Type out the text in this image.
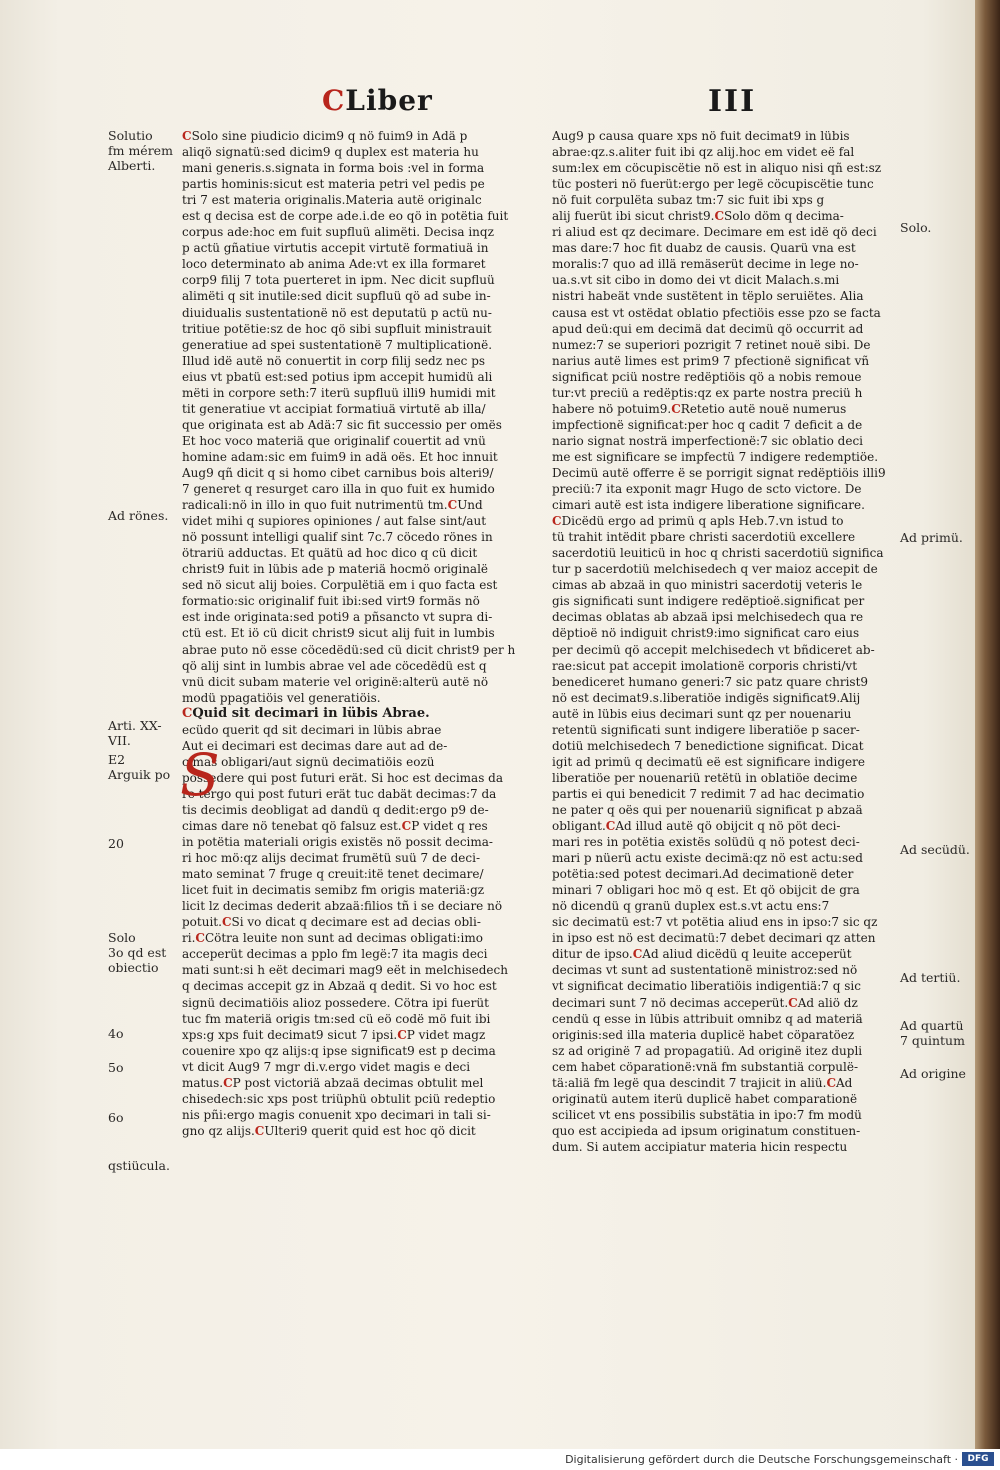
CLiber	III
CSolo sine piudicio dicim9 q nö fuim9 in Adä p
aliqö signatü:sed dicim9 q duplex est materia hu
mani generis.s.signata in forma bois :vel in forma
partis hominis:sicut est materia petri vel pedis pe
tri 7 est materia originalis.Materia autë originalc
est q decisa est de corpe ade.i.de eo qö in potëtia fuit
corpus ade:hoc em fuit supfluü alimëti. Decisa inqz
p actü gñatiue virtutis accepit virtutë formatiuä in
loco determinato ab anima Ade:vt ex illa formaret
corp9 filij 7 tota puerteret in ipm. Nec dicit supfluü
alimëti q sit inutile:sed dicit supfluü qö ad sube in-
diuidualis sustentationë nö est deputatü p actü nu-
tritiue potëtie:sz de hoc qö sibi supfluit ministrauit
generatiue ad spei sustentationë 7 multiplicationë.
Illud idë autë nö conuertit in corp filij sedz nec ps
eius vt pbatü est:sed potius ipm accepit humidü ali
mëti in corpore seth:7 iterü supfluü illi9 humidi mit
tit generatiue vt accipiat formatiuä virtutë ab illa/
que originata est ab Adä:7 sic fit successio per omës
Et hoc voco materiä que originalif couertit ad vnü
homine adam:sic em fuim9 in adä oës. Et hoc innuit
Aug9 qñ dicit q si homo cibet carnibus bois alteri9/
7 generet q resurget caro illa in quo fuit ex humido
radicali:nö in illo in quo fuit nutrimentü tm.CUnd
videt mihi q supiores opiniones / aut false sint/aut
nö possunt intelligi qualif sint 7c.7 cöcedo rönes in
ötrariü adductas. Et quätü ad hoc dico q cü dicit
christ9 fuit in lübis ade p materiä hocmö originalë
sed nö sicut alij boies. Corpulëtiä em i quo facta est
formatio:sic originalif fuit ibi:sed virt9 formäs nö
est inde originata:sed poti9 a pñsancto vt supra di-
ctü est. Et iö cü dicit christ9 sicut alij fuit in lumbis
abrae puto nö esse cöcedëdü:sed cü dicit christ9 per h
qö alij sint in lumbis abrae vel ade cöcedëdü est q
vnü dicit subam materie vel originë:alterü autë nö
modü ppagatiöis vel generatiöis.
CQuid sit decimari in lübis Abrae.
ecüdo querit qd sit decimari in lübis abrae
Aut ei decimari est decimas dare aut ad de-
cimas obligari/aut signü decimatiöis eozü
possedere qui post futuri erät. Si hoc est decimas da
re tergo qui post futuri erät tuc dabät decimas:7 da
tis decimis deobligat ad dandü q dedit:ergo p9 de-
cimas dare nö tenebat qö falsuz est.CP videt q res
in potëtia materiali origis existës nö possit decima-
ri hoc mö:qz alijs decimat frumëtü suü 7 de deci-
mato seminat 7 fruge q creuit:itë tenet decimare/
licet fuit in decimatis semibz fm origis materiä:gz
licit lz decimas dederit abzaä:filios tñ i se deciare nö
potuit.CSi vo dicat q decimare est ad decias obli-
ri.CCötra leuite non sunt ad decimas obligati:imo
acceperüt decimas a pplo fm legë:7 ita magis deci
mati sunt:si h eët decimari mag9 eët in melchisedech
q decimas accepit gz in Abzaä q dedit. Si vo hoc est
signü decimatiöis alioz possedere. Cötra ipi fuerüt
tuc fm materiä origis tm:sed cü eö codë mö fuit ibi
xps:g xps fuit decimat9 sicut 7 ipsi.CP videt magz
couenire xpo qz alijs:q ipse significat9 est p decima
vt dicit Aug9 7 mgr di.v.ergo videt magis e deci
matus.CP post victoriä abzaä decimas obtulit mel
chisedech:sic xps post triüphü obtulit pciü redeptio
nis pñi:ergo magis conuenit xpo decimari in tali si-
gno qz alijs.CUlteri9 querit quid est hoc qö dicit
Aug9 p causa quare xps nö fuit decimat9 in lübis
abrae:qz.s.aliter fuit ibi qz alij.hoc em videt eë fal
sum:lex em cöcupiscëtie nö est in aliquo nisi qñ est:sz
tüc posteri nö fuerüt:ergo per legë cöcupiscëtie tunc
nö fuit corpulëta subaz tm:7 sic fuit ibi xps g
alij fuerüt ibi sicut christ9.CSolo döm q decima-
ri aliud est qz decimare. Decimare em est idë qö deci
mas dare:7 hoc fit duabz de causis. Quarü vna est
moralis:7 quo ad illä remäserüt decime in lege no-
ua.s.vt sit cibo in domo dei vt dicit Malach.s.mi
nistri habeät vnde sustëtent in tëplo seruiëtes. Alia
causa est vt ostëdat oblatio pfectiöis esse pzo se facta
apud deü:qui em decimä dat decimü qö occurrit ad
numez:7 se superiori pozrigit 7 retinet nouë sibi. De
narius autë limes est prim9 7 pfectionë significat vñ
significat pciü nostre redëptiöis qö a nobis remoue
tur:vt preciü a redëptis:qz ex parte nostra preciü h
habere nö potuim9.CRetetio autë nouë numerus
impfectionë significat:per hoc q cadit 7 deficit a de
nario signat nosträ imperfectionë:7 sic oblatio deci
me est significare se impfectü 7 indigere redemptiöe.
Decimü autë offerre ë se porrigit signat redëptiöis illi9
preciü:7 ita exponit magr Hugo de scto victore. De
cimari autë est ista indigere liberatione significare.
CDicëdü ergo ad primü q apls Heb.7.vn istud to
tü trahit intëdit pbare christi sacerdotiü excellere
sacerdotiü leuiticü in hoc q christi sacerdotiü significa
tur p sacerdotiü melchisedech q ver maioz accepit de
cimas ab abzaä in quo ministri sacerdotij veteris le
gis significati sunt indigere redëptioë.significat per
decimas oblatas ab abzaä ipsi melchisedech qua re
dëptioë nö indiguit christ9:imo significat caro eius
per decimü qö accepit melchisedech vt bñdiceret ab-
rae:sicut pat accepit imolationë corporis christi/vt
benediceret humano generi:7 sic patz quare christ9
nö est decimat9.s.liberatiöe indigës significat9.Alij
autë in lübis eius decimari sunt qz per nouenariu
retentü significati sunt indigere liberatiöe p sacer-
dotiü melchisedech 7 benedictione significat. Dicat
igit ad primü q decimatü eë est significare indigere
liberatiöe per nouenariü retëtü in oblatiöe decime
partis ei qui benedicit 7 redimit 7 ad hac decimatio
ne pater q oës qui per nouenariü significat p abzaä
obligant.CAd illud autë qö obijcit q nö pöt deci-
mari res in potëtia existës solüdü q nö potest deci-
mari p nüerü actu existe decimä:qz nö est actu:sed
potëtia:sed potest decimari.Ad decimationë deter
minari 7 obligari hoc mö q est. Et qö obijcit de gra
nö dicendü q granü duplex est.s.vt actu ens:7
sic decimatü est:7 vt potëtia aliud ens in ipso:7 sic qz
in ipso est nö est decimatü:7 debet decimari qz atten
ditur de ipso.CAd aliud dicëdü q leuite acceperüt
decimas vt sunt ad sustentationë ministroz:sed nö
vt significat decimatio liberatiöis indigentiä:7 q sic
decimari sunt 7 nö decimas acceperüt.CAd aliö dz
cendü q esse in lübis attribuit omnibz q ad materiä
originis:sed illa materia duplicë habet cöparatöez
sz ad originë 7 ad propagatiü. Ad originë itez dupli
cem habet cöparationë:vnä fm substantiä corpulë-
tä:aliä fm legë qua descindit 7 trajicit in aliü.CAd
originatü autem iterü duplicë habet comparationë
scilicet vt ens possibilis substätia in ipo:7 fm modü
quo est accipieda ad ipsum originatum constituen-
dum. Si autem accipiatur materia hicin respectu
S
Solutio
fm mérem
Alberti.
Ad rönes.
Arti. XX-
VII.
E2
Arguik po
20
Solo
3o qd est
obiectio
4o
5o
6o
qstiücula.
Solo.
Ad primü.
Ad secüdü.
Ad tertiü.
Ad quartü
7 quintum
Ad origine
Digitalisierung gefördert durch die Deutsche Forschungsgemeinschaft ·	DFG
